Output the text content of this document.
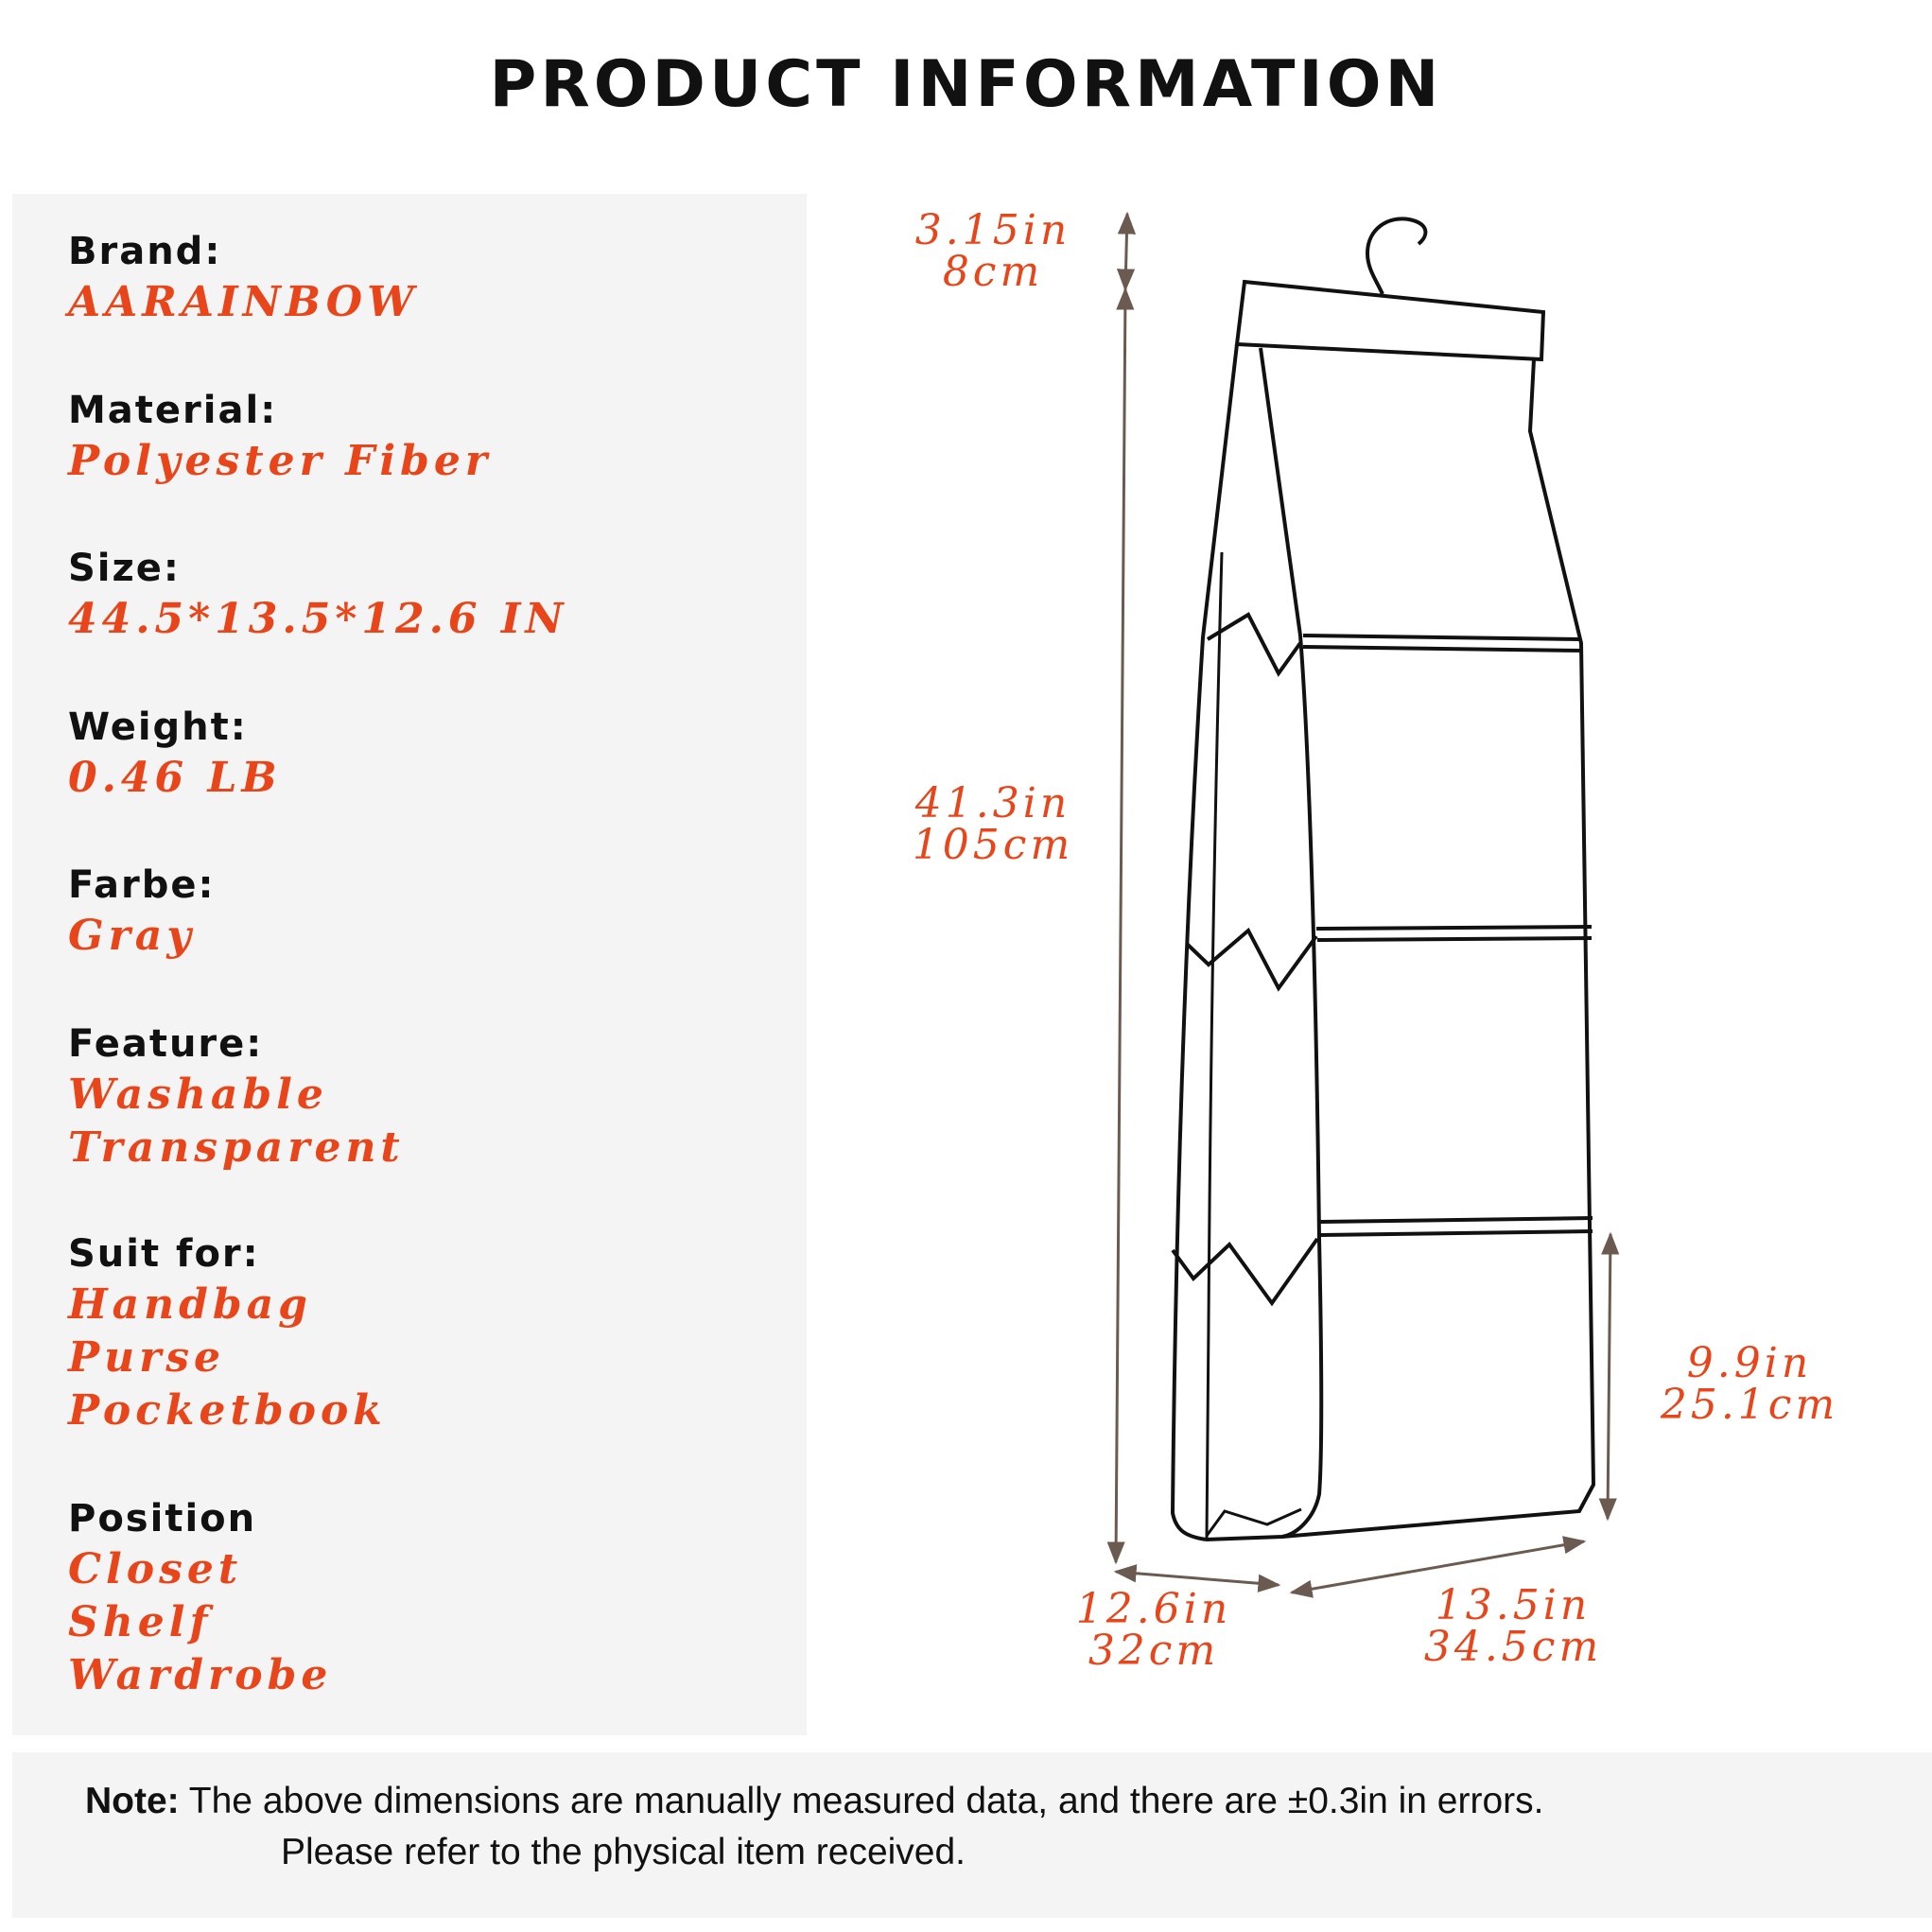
PRODUCT INFORMATION
Brand:
AARAINBOW
Material:
Polyester Fiber
Size:
44.5*13.5*12.6 IN
Weight:
0.46 LB
Farbe:
Gray
Feature:
Washable
Transparent
Suit for:
Handbag
Purse
Pocketbook
Position
Closet
Shelf
Wardrobe
3.15in
8cm
41.3in
105cm
9.9in
25.1cm
12.6in
32cm
13.5in
34.5cm
Note: The above dimensions are manually measured data, and there are ±0.3in in errors.
Please refer to the physical item received.
